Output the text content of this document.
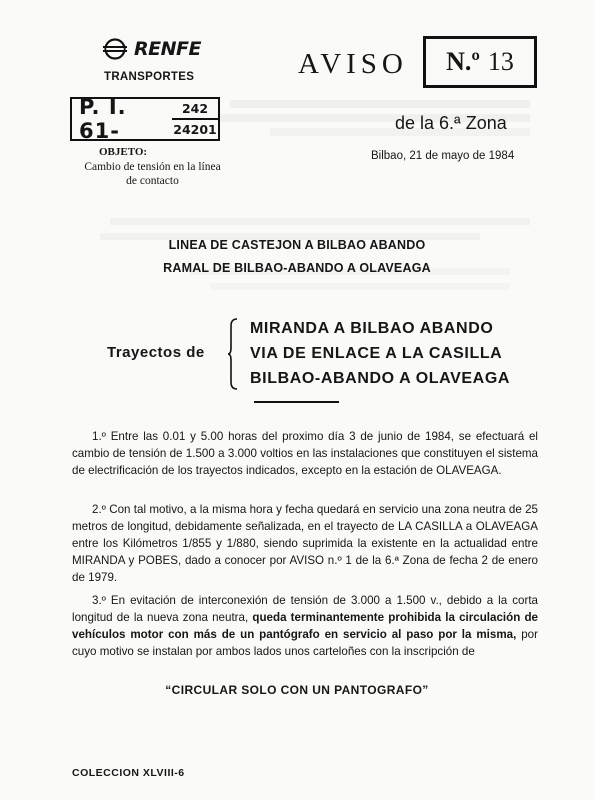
RENFE
TRANSPORTES
P. I. 61-	$\frac{242}{24201}$
OBJETO:
Cambio de tensión en la línea de contacto
AVISO N.º 13
de la 6.ª Zona
Bilbao, 21 de mayo de 1984
LINEA DE CASTEJON A BILBAO ABANDO
RAMAL DE BILBAO-ABANDO A OLAVEAGA
Trayectos de
MIRANDA A BILBAO ABANDO
VIA DE ENLACE A LA CASILLA
BILBAO-ABANDO A OLAVEAGA
1.º Entre las 0.01 y 5.00 horas del proximo día 3 de junio de 1984, se efectuará el cambio de tensión de 1.500 a 3.000 voltios en las instalaciones que constituyen el sistema de electrificación de los trayectos indicados, excepto en la estación de OLAVEAGA.
2.º Con tal motivo, a la misma hora y fecha quedará en servicio una zona neutra de 25 metros de longitud, debidamente señalizada, en el trayecto de LA CASILLA a OLAVEAGA entre los Kilómetros 1/855 y 1/880, siendo suprimida la existente en la actualidad entre MIRANDA y POBES, dado a conocer por AVISO n.º 1 de la 6.ª Zona de fecha 2 de enero de 1979.
3.º En evitación de interconexión de tensión de 3.000 a 1.500 v., debido a la corta longitud de la nueva zona neutra, queda terminantemente prohibida la circulación de vehículos motor con más de un pantógrafo en servicio al paso por la misma, por cuyo motivo se instalan por ambos lados unos carteloñes con la inscripción de
“CIRCULAR SOLO CON UN PANTOGRAFO”
COLECCION XLVIII-6
